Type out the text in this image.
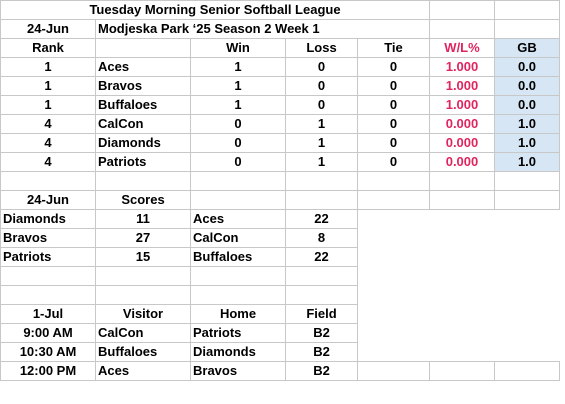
Tuesday Morning Senior Softball League						
24-Jun	Modjeska Park ‘25 Season 2 Week 1					
Rank		Win	Loss	Tie	W/L%	GB
1	Aces	1	0	0	1.000	0.0
1	Bravos	1	0	0	1.000	0.0
1	Buffaloes	1	0	0	1.000	0.0
4	CalCon	0	1	0	0.000	1.0
4	Diamonds	0	1	0	0.000	1.0
4	Patriots	0	1	0	0.000	1.0

24-Jun	Scores					
Diamonds	11	Aces	22			
Bravos	27	CalCon	8			
Patriots	15	Buffaloes	22			

1-Jul	Visitor	Home	Field			
9:00 AM	CalCon	Patriots	B2			
10:30 AM	Buffaloes	Diamonds	B2			
12:00 PM	Aces	Bravos	B2			
